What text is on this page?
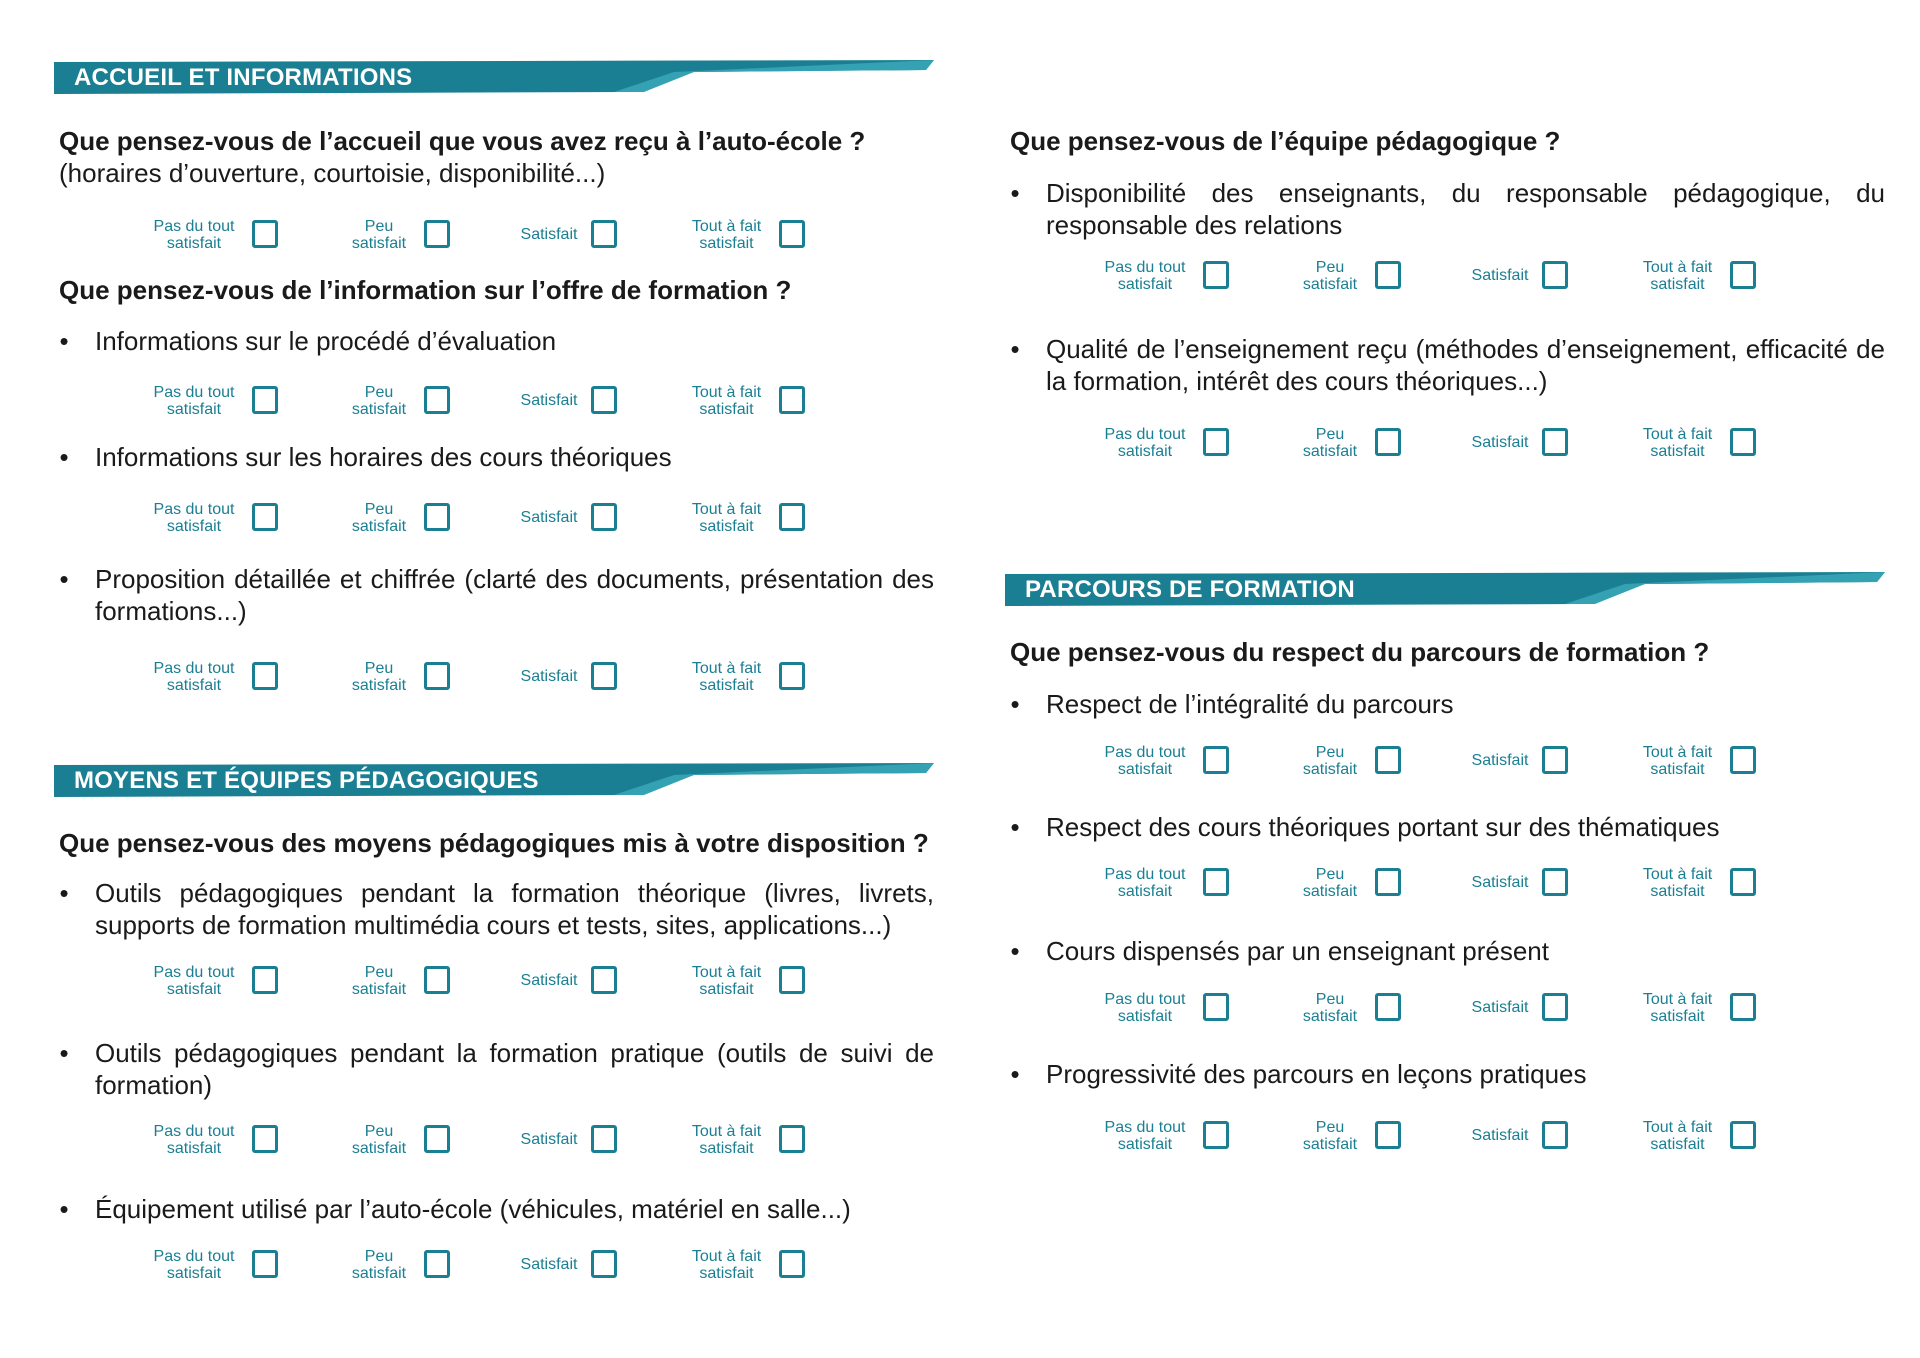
ACCUEIL ET INFORMATIONS
Que pensez-vous de l’accueil que vous avez reçu à l’auto-école ? (horaires d’ouverture, courtoisie, disponibilité...)
Pas du tout
satisfait
Peu
satisfait
Satisfait	Tout à fait
satisfait
Que pensez-vous de l’information sur l’offre de formation ?
• Informations sur le procédé d’évaluation
Pas du tout
satisfait
Peu
satisfait
Satisfait	Tout à fait
satisfait
• Informations sur les horaires des cours théoriques
Pas du tout
satisfait
Peu
satisfait
Satisfait	Tout à fait
satisfait
• Proposition détaillée et chiffrée (clarté des documents, présentation des formations...)
Pas du tout
satisfait
Peu
satisfait
Satisfait	Tout à fait
satisfait
MOYENS ET ÉQUIPES PÉDAGOGIQUES
Que pensez-vous des moyens pédagogiques mis à votre disposition ?
• Outils pédagogiques pendant la formation théorique (livres, livrets, supports de formation multimédia cours et tests, sites, applications...)
Pas du tout
satisfait
Peu
satisfait
Satisfait	Tout à fait
satisfait
• Outils pédagogiques pendant la formation pratique (outils de suivi de formation)
Pas du tout
satisfait
Peu
satisfait
Satisfait	Tout à fait
satisfait
• Équipement utilisé par l’auto-école (véhicules, matériel en salle...)
Pas du tout
satisfait
Peu
satisfait
Satisfait	Tout à fait
satisfait
Que pensez-vous de l’équipe pédagogique ?
• Disponibilité des enseignants, du responsable pédagogique, du responsable des relations
Pas du tout
satisfait
Peu
satisfait
Satisfait	Tout à fait
satisfait
• Qualité de l’enseignement reçu (méthodes d’enseignement, efficacité de la formation, intérêt des cours théoriques...)
Pas du tout
satisfait
Peu
satisfait
Satisfait	Tout à fait
satisfait
PARCOURS DE FORMATION
Que pensez-vous du respect du parcours de formation ?
• Respect de l’intégralité du parcours
Pas du tout
satisfait
Peu
satisfait
Satisfait	Tout à fait
satisfait
• Respect des cours théoriques portant sur des thématiques
Pas du tout
satisfait
Peu
satisfait
Satisfait	Tout à fait
satisfait
• Cours dispensés par un enseignant présent
Pas du tout
satisfait
Peu
satisfait
Satisfait	Tout à fait
satisfait
• Progressivité des parcours en leçons pratiques
Pas du tout
satisfait
Peu
satisfait
Satisfait	Tout à fait
satisfait
